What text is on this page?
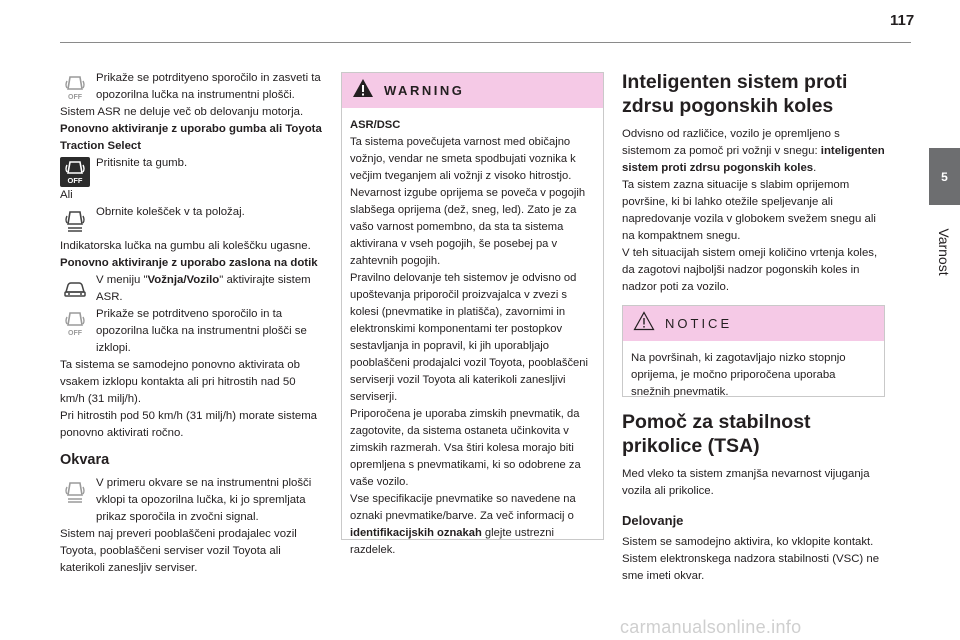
117
5
Varnost
OFF
Prikaže se potrdityeno sporočilo in zasveti ta opozorilna lučka na instrumentni plošči.
Sistem ASR ne deluje več ob delovanju motorja.
Ponovno aktiviranje z uporabo gumba ali Toyota Traction Select
OFF
Pritisnite ta gumb.
Ali
Obrnite kolešček v ta položaj.
Indikatorska lučka na gumbu ali koleščku ugasne.
Ponovno aktiviranje z uporabo zaslona na dotik
V meniju "Vožnja/Vozilo" aktivirajte sistem ASR.
OFF
Prikaže se potrditveno sporočilo in ta opozorilna lučka na instrumentni plošči se izklopi.
Ta sistema se samodejno ponovno aktivirata ob vsakem izklopu kontakta ali pri hitrostih nad 50 km/h (31 milj/h).
Pri hitrostih pod 50 km/h (31 milj/h) morate sistema ponovno aktivirati ročno.
Okvara
V primeru okvare se na instrumentni plošči vklopi ta opozorilna lučka, ki jo spremljata prikaz sporočila in zvočni signal.
Sistem naj preveri pooblaščeni prodajalec vozil Toyota, pooblaščeni serviser vozil Toyota ali katerikoli zanesljiv serviser.
WARNING
ASR/DSC
Ta sistema povečujeta varnost med običajno vožnjo, vendar ne smeta spodbujati voznika k večjim tveganjem ali vožnji z visoko hitrostjo. Nevarnost izgube oprijema se poveča v pogojih slabšega oprijema (dež, sneg, led). Zato je za vašo varnost pomembno, da sta ta sistema aktivirana v vseh pogojih, še posebej pa v zahtevnih pogojih.
Pravilno delovanje teh sistemov je odvisno od upoštevanja priporočil proizvajalca v zvezi s kolesi (pnevmatike in platišča), zavornimi in elektronskimi komponentami ter postopkov sestavljanja in popravil, ki jih uporabljajo pooblaščeni prodajalci vozil Toyota, pooblaščeni serviserji vozil Toyota ali katerikoli zanesljivi serviserji.
Priporočena je uporaba zimskih pnevmatik, da zagotovite, da sistema ostaneta učinkovita v zimskih razmerah. Vsa štiri kolesa morajo biti opremljena s pnevmatikami, ki so odobrene za vaše vozilo.
Vse specifikacije pnevmatike so navedene na oznaki pnevmatike/barve. Za več informacij o identifikacijskih oznakah glejte ustrezni razdelek.
Inteligenten sistem proti zdrsu pogonskih koles
Odvisno od različice, vozilo je opremljeno s sistemom za pomoč pri vožnji v snegu: inteligenten sistem proti zdrsu pogonskih koles.
Ta sistem zazna situacije s slabim oprijemom površine, ki bi lahko otežile speljevanje ali napredovanje vozila v globokem svežem snegu ali na kompaktnem snegu.
V teh situacijah sistem omeji količino vrtenja koles, da zagotovi najboljši nadzor pogonskih koles in nadzor poti za vozilo.
NOTICE
Na površinah, ki zagotavljajo nizko stopnjo oprijema, je močno priporočena uporaba snežnih pnevmatik.
Pomoč za stabilnost prikolice (TSA)
Med vleko ta sistem zmanjša nevarnost vijuganja vozila ali prikolice.
Delovanje
Sistem se samodejno aktivira, ko vklopite kontakt.
Sistem elektronskega nadzora stabilnosti (VSC) ne sme imeti okvar.
carmanualsonline.info
